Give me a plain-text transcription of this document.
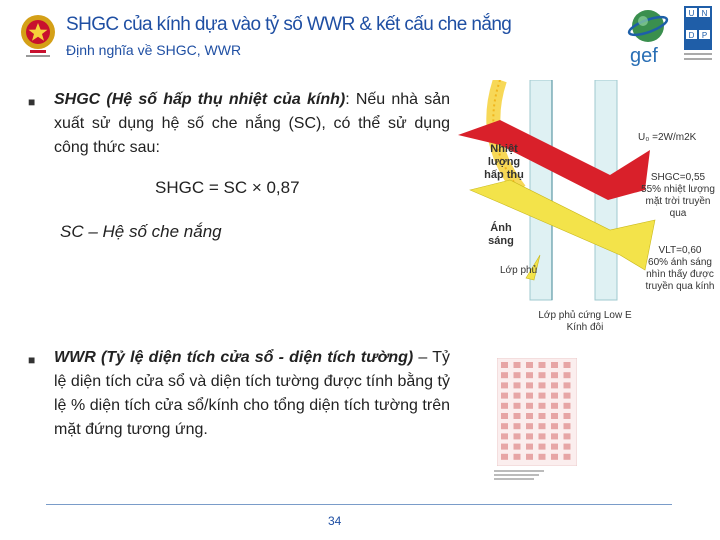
SHGC của kính dựa vào tỷ số WWR & kết cấu che nắng
Định nghĩa về SHGC, WWR	gef
U N
D P
■ SHGC (Hệ số hấp thụ nhiệt của kính): Nếu nhà sản xuất sử dụng hệ số che nắng (SC), có thể sử dụng công thức sau:
SHGC = SC × 0,87
SC – Hệ số che nắng
■ WWR (Tỷ lệ diện tích cửa sổ - diện tích tường) – Tỷ lệ diện tích cửa sổ và diện tích tường được tính bằng tỷ lệ % diện tích cửa sổ/kính cho tổng diện tích tường trên mặt đứng tương ứng.
Nhiệt lượng hấp thụ
Ánh sáng
Lớp phủ
U₀ =2W/m2K
SHGC=0,55
55% nhiệt lượng mặt trời truyền qua
VLT=0,60
60% ánh sáng nhìn thấy được truyền qua kính
Lớp phủ cứng Low E
Kính đôi
34
